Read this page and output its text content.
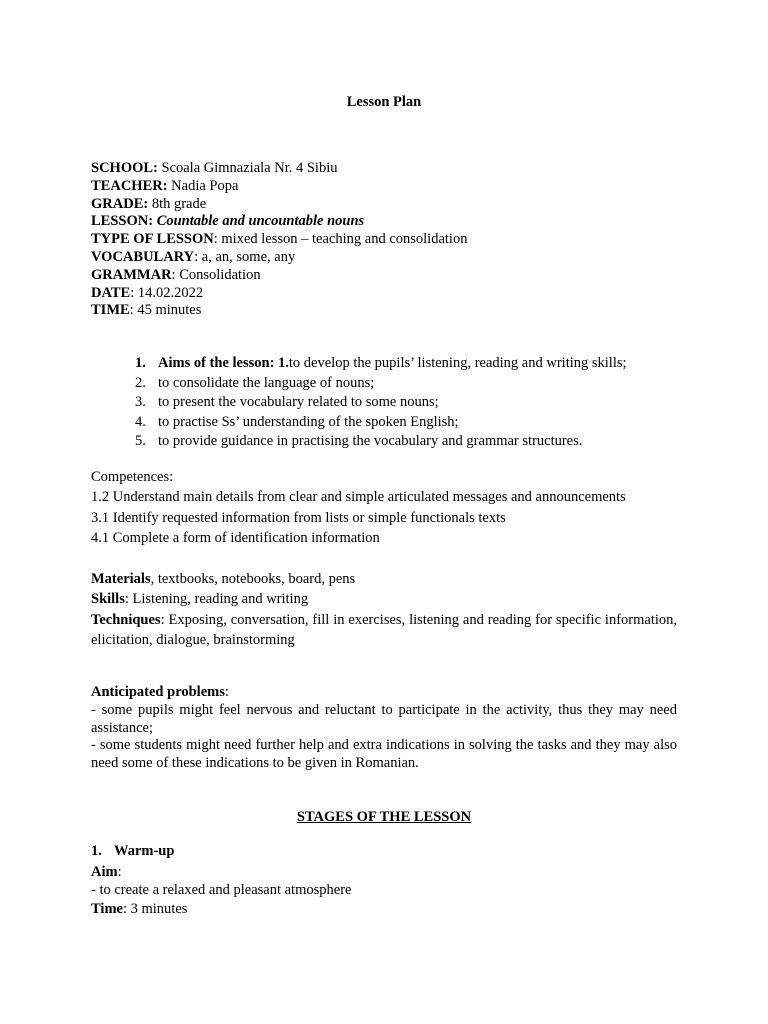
Lesson Plan
SCHOOL: Scoala Gimnaziala Nr. 4 Sibiu
TEACHER: Nadia Popa
GRADE: 8th grade
LESSON: Countable and uncountable nouns
TYPE OF LESSON: mixed lesson – teaching and consolidation
VOCABULARY: a, an, some, any
GRAMMAR: Consolidation
DATE: 14.02.2022
TIME: 45 minutes
1. Aims of the lesson: 1.to develop the pupils’ listening, reading and writing skills;
2. to consolidate the language of nouns;
3. to present the vocabulary related to some nouns;
4. to practise Ss’ understanding of the spoken English;
5. to provide guidance in practising the vocabulary and grammar structures.
Competences:
1.2 Understand main details from clear and simple articulated messages and announcements
3.1 Identify requested information from lists or simple functionals texts
4.1 Complete a form of identification information
Materials, textbooks, notebooks, board, pens
Skills: Listening, reading and writing
Techniques: Exposing, conversation, fill in exercises, listening and reading for specific information, elicitation, dialogue, brainstorming
Anticipated problems:
- some pupils might feel nervous and reluctant to participate in the activity, thus they may need assistance;
- some students might need further help and extra indications in solving the tasks and they may also need some of these indications to be given in Romanian.
STAGES OF THE LESSON
1. Warm-up
Aim:
- to create a relaxed and pleasant atmosphere
Time: 3 minutes
